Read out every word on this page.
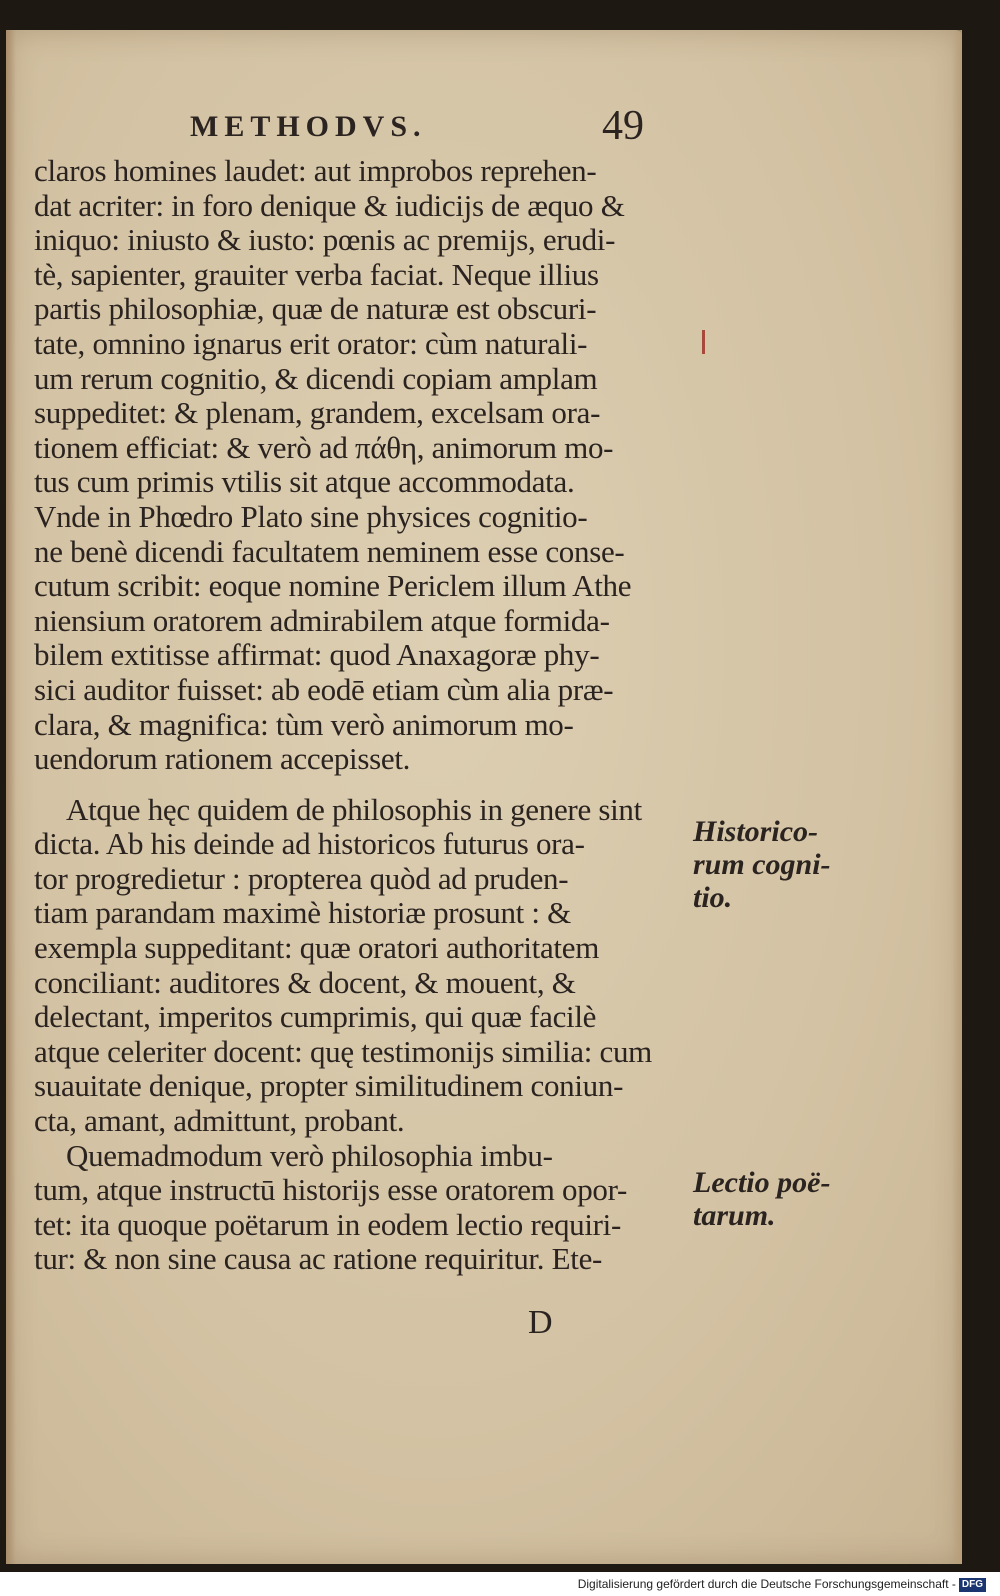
METHODVS.	49
claros homines laudet: aut improbos reprehen-
dat acriter: in foro denique & iudicijs de æquo &
iniquo: iniusto & iusto: pœnis ac premijs, erudi-
tè, sapienter, grauiter verba faciat. Neque illius
partis philosophiæ, quæ de naturæ est obscuri-
tate, omnino ignarus erit orator: cùm naturali-
um rerum cognitio, & dicendi copiam amplam
suppeditet: & plenam, grandem, excelsam ora-
tionem efficiat: & verò ad πάθη, animorum mo-
tus cum primis vtilis sit atque accommodata.
Vnde in Phœdro Plato sine physices cognitio-
ne benè dicendi facultatem neminem esse conse-
cutum scribit: eoque nomine Periclem illum Athe
niensium oratorem admirabilem atque formida-
bilem extitisse affirmat: quod Anaxagoræ phy-
sici auditor fuisset: ab eodē etiam cùm alia præ-
clara, & magnifica: tùm verò animorum mo-
uendorum rationem accepisset.
Atque hęc quidem de philosophis in genere sint
dicta. Ab his deinde ad historicos futurus ora-
tor progredietur : propterea quòd ad pruden-
tiam parandam maximè historiæ prosunt : &
exempla suppeditant: quæ oratori authoritatem
conciliant: auditores & docent, & mouent, &
delectant, imperitos cumprimis, qui quæ facilè
atque celeriter docent: quę testimonijs similia: cum
suauitate denique, propter similitudinem coniun-
cta, amant, admittunt, probant.
Quemadmodum verò philosophia imbu-
tum, atque instructū historijs esse oratorem opor-
tet: ita quoque poëtarum in eodem lectio requiri-
tur: & non sine causa ac ratione requiritur. Ete-
Historico-
rum cogni-
tio.
Lectio poë-
tarum.
D
Digitalisierung gefördert durch die Deutsche Forschungsgemeinschaft - DFG
